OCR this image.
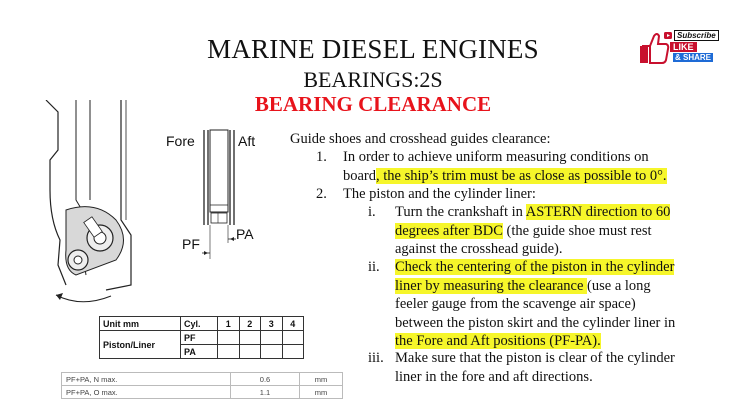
MARINE DIESEL ENGINES
BEARINGS:2S
BEARING CLEARANCE
Subscribe
LIKE
& SHARE
Fore	Aft
PF
PA
Guide shoes and crosshead guides clearance:
1. In order to achieve uniform measuring conditions on
board, the ship’s trim must be as close as possible to 0°.
2. The piston and the cylinder liner:
i. Turn the crankshaft in ASTERN direction to 60
degrees after BDC (the guide shoe must rest
against the crosshead guide).
ii. Check the centering of the piston in the cylinder
liner by measuring the clearance (use a long
feeler gauge from the scavenge air space)
between the piston skirt and the cylinder liner in
the Fore and Aft positions (PF-PA).
iii. Make sure that the piston is clear of the cylinder
liner in the fore and aft directions.
Unit mm	Cyl.	1	2	3	4
Piston/Liner	PF				
	PA				
PF+PA, N max.	0.6	mm
PF+PA, O max.	1.1	mm
